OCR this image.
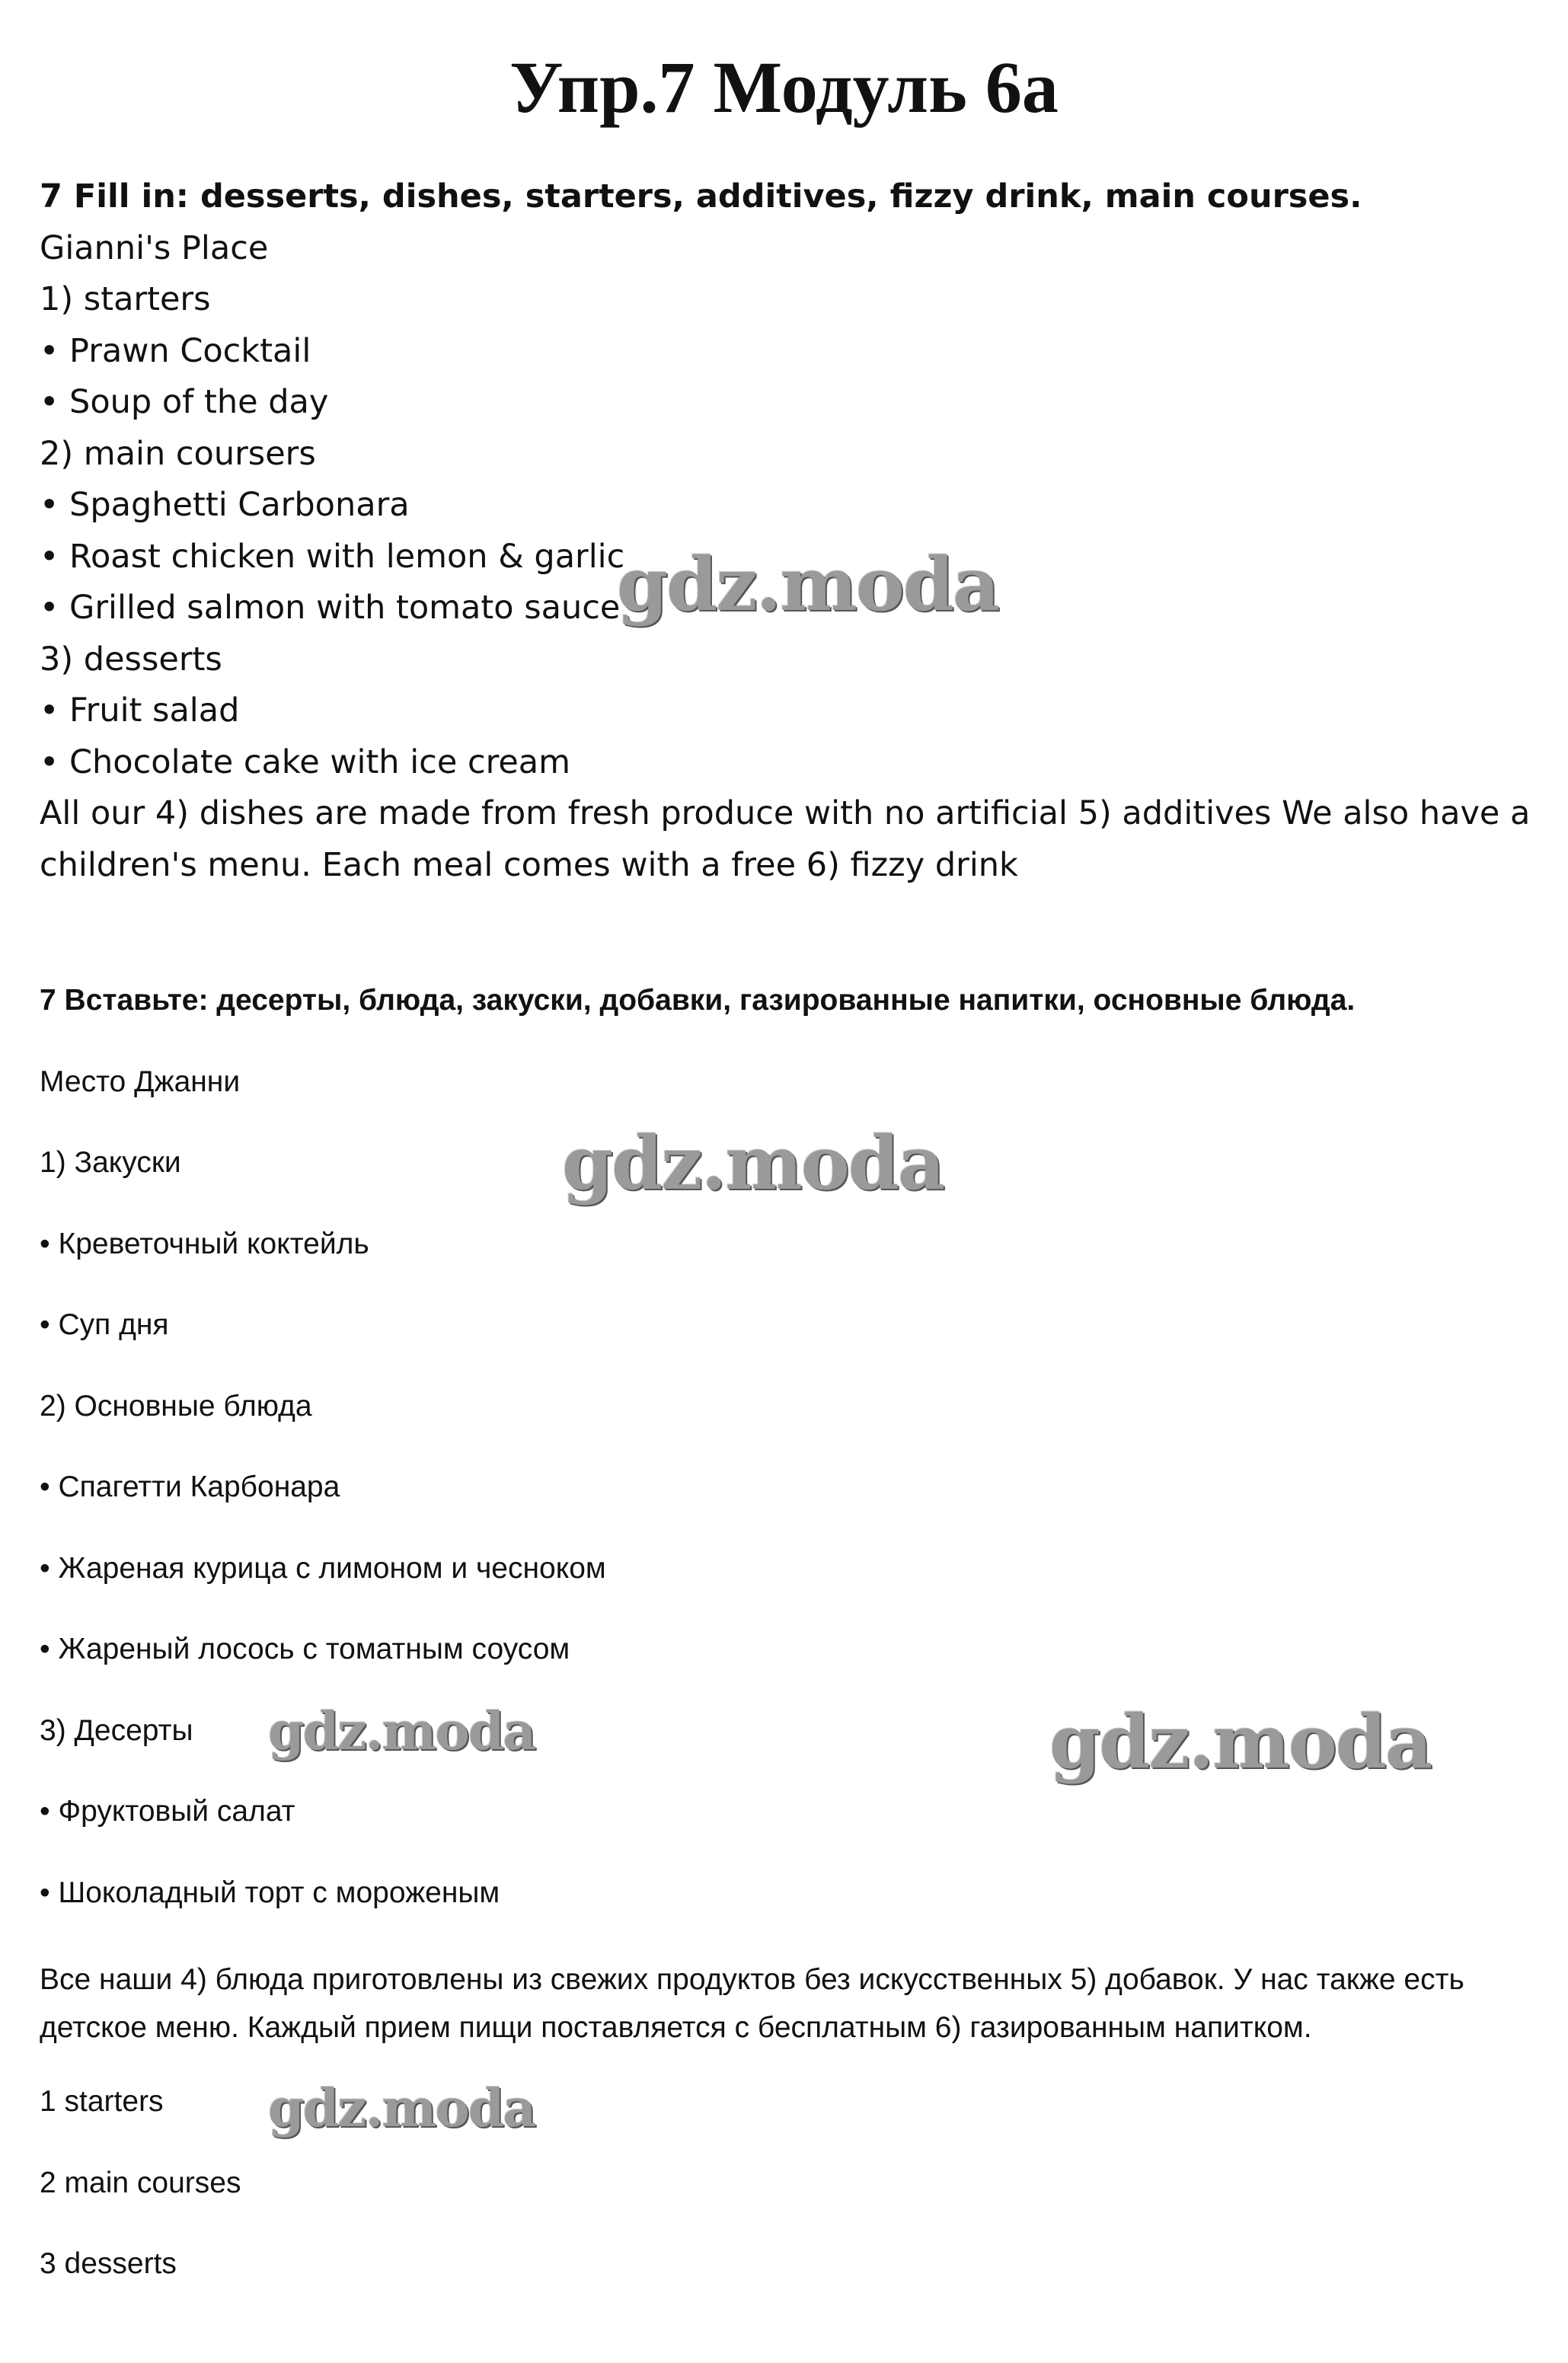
Упр.7 Модуль 6а
7 Fill in: desserts, dishes, starters, additives, fizzy drink, main courses.
Gianni's Place
1) starters
• Prawn Cocktail
• Soup of the day
2) main coursers
• Spaghetti Carbonara
• Roast chicken with lemon & garlic
• Grilled salmon with tomato sauce
3) desserts
• Fruit salad
• Chocolate cake with ice cream
All our 4) dishes are made from fresh produce with no artificial 5) additives We also have a children's menu. Each meal comes with a free 6) fizzy drink
7 Вставьте: десерты, блюда, закуски, добавки, газированные напитки, основные блюда.
Место Джанни
1) Закуски
• Креветочный коктейль
• Суп дня
2) Основные блюда
• Спагетти Карбонара
• Жареная курица с лимоном и чесноком
• Жареный лосось с томатным соусом
3) Десерты
• Фруктовый салат
• Шоколадный торт с мороженым
Все наши 4) блюда приготовлены из свежих продуктов без искусственных 5) добавок. У нас также есть детское меню. Каждый прием пищи поставляется с бесплатным 6) газированным напитком.
1 starters
2 main courses
3 desserts
gdz.moda
gdz.moda
gdz.moda	gdz.moda
gdz.moda
